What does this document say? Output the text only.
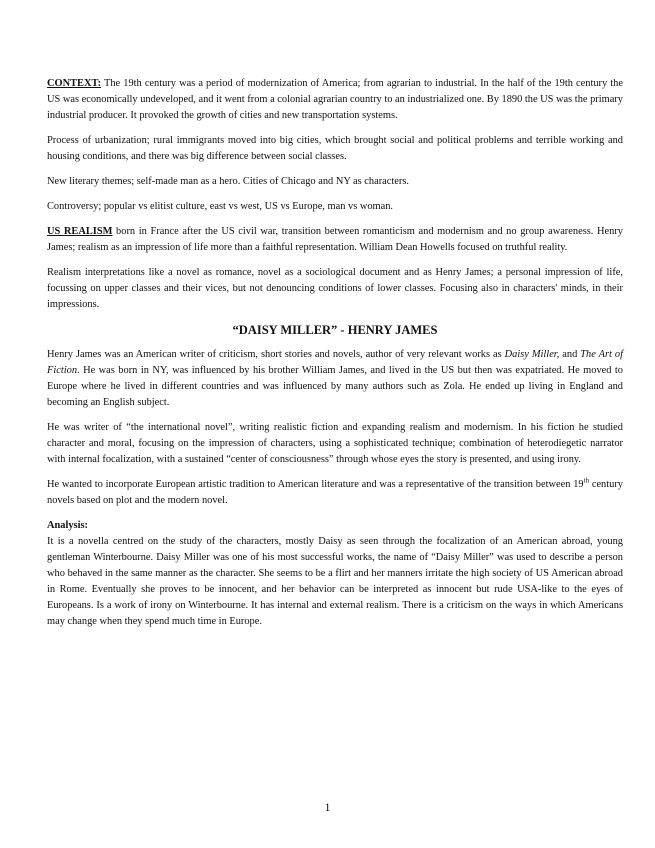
CONTEXT: The 19th century was a period of modernization of America; from agrarian to industrial. In the half of the 19th century the US was economically undeveloped, and it went from a colonial agrarian country to an industrialized one. By 1890 the US was the primary industrial producer. It provoked the growth of cities and new transportation systems.

Process of urbanization; rural immigrants moved into big cities, which brought social and political problems and terrible working and housing conditions, and there was big difference between social classes.

New literary themes; self-made man as a hero. Cities of Chicago and NY as characters.

Controversy; popular vs elitist culture, east vs west, US vs Europe, man vs woman.

US REALISM born in France after the US civil war, transition between romanticism and modernism and no group awareness. Henry James; realism as an impression of life more than a faithful representation. William Dean Howells focused on truthful reality.

Realism interpretations like a novel as romance, novel as a sociological document and as Henry James; a personal impression of life, focussing on upper classes and their vices, but not denouncing conditions of lower classes. Focusing also in characters' minds, in their impressions.

“DAISY MILLER” - HENRY JAMES

Henry James was an American writer of criticism, short stories and novels, author of very relevant works as Daisy Miller, and The Art of Fiction. He was born in NY, was influenced by his brother William James, and lived in the US but then was expatriated. He moved to Europe where he lived in different countries and was influenced by many authors such as Zola. He ended up living in England and becoming an English subject.

He was writer of “the international novel”, writing realistic fiction and expanding realism and modernism. In his fiction he studied character and moral, focusing on the impression of characters, using a sophisticated technique; combination of heterodiegetic narrator with internal focalization, with a sustained “center of consciousness” through whose eyes the story is presented, and using irony.

He wanted to incorporate European artistic tradition to American literature and was a representative of the transition between 19th century novels based on plot and the modern novel.

Analysis:

It is a novella centred on the study of the characters, mostly Daisy as seen through the focalization of an American abroad, young gentleman Winterbourne. Daisy Miller was one of his most successful works, the name of “Daisy Miller” was used to describe a person who behaved in the same manner as the character. She seems to be a flirt and her manners irritate the high society of US American abroad in Rome. Eventually she proves to be innocent, and her behavior can be interpreted as innocent but rude USA-like to the eyes of Europeans. Is a work of irony on Winterbourne. It has internal and external realism. There is a criticism on the ways in which Americans may change when they spend much time in Europe.

1
